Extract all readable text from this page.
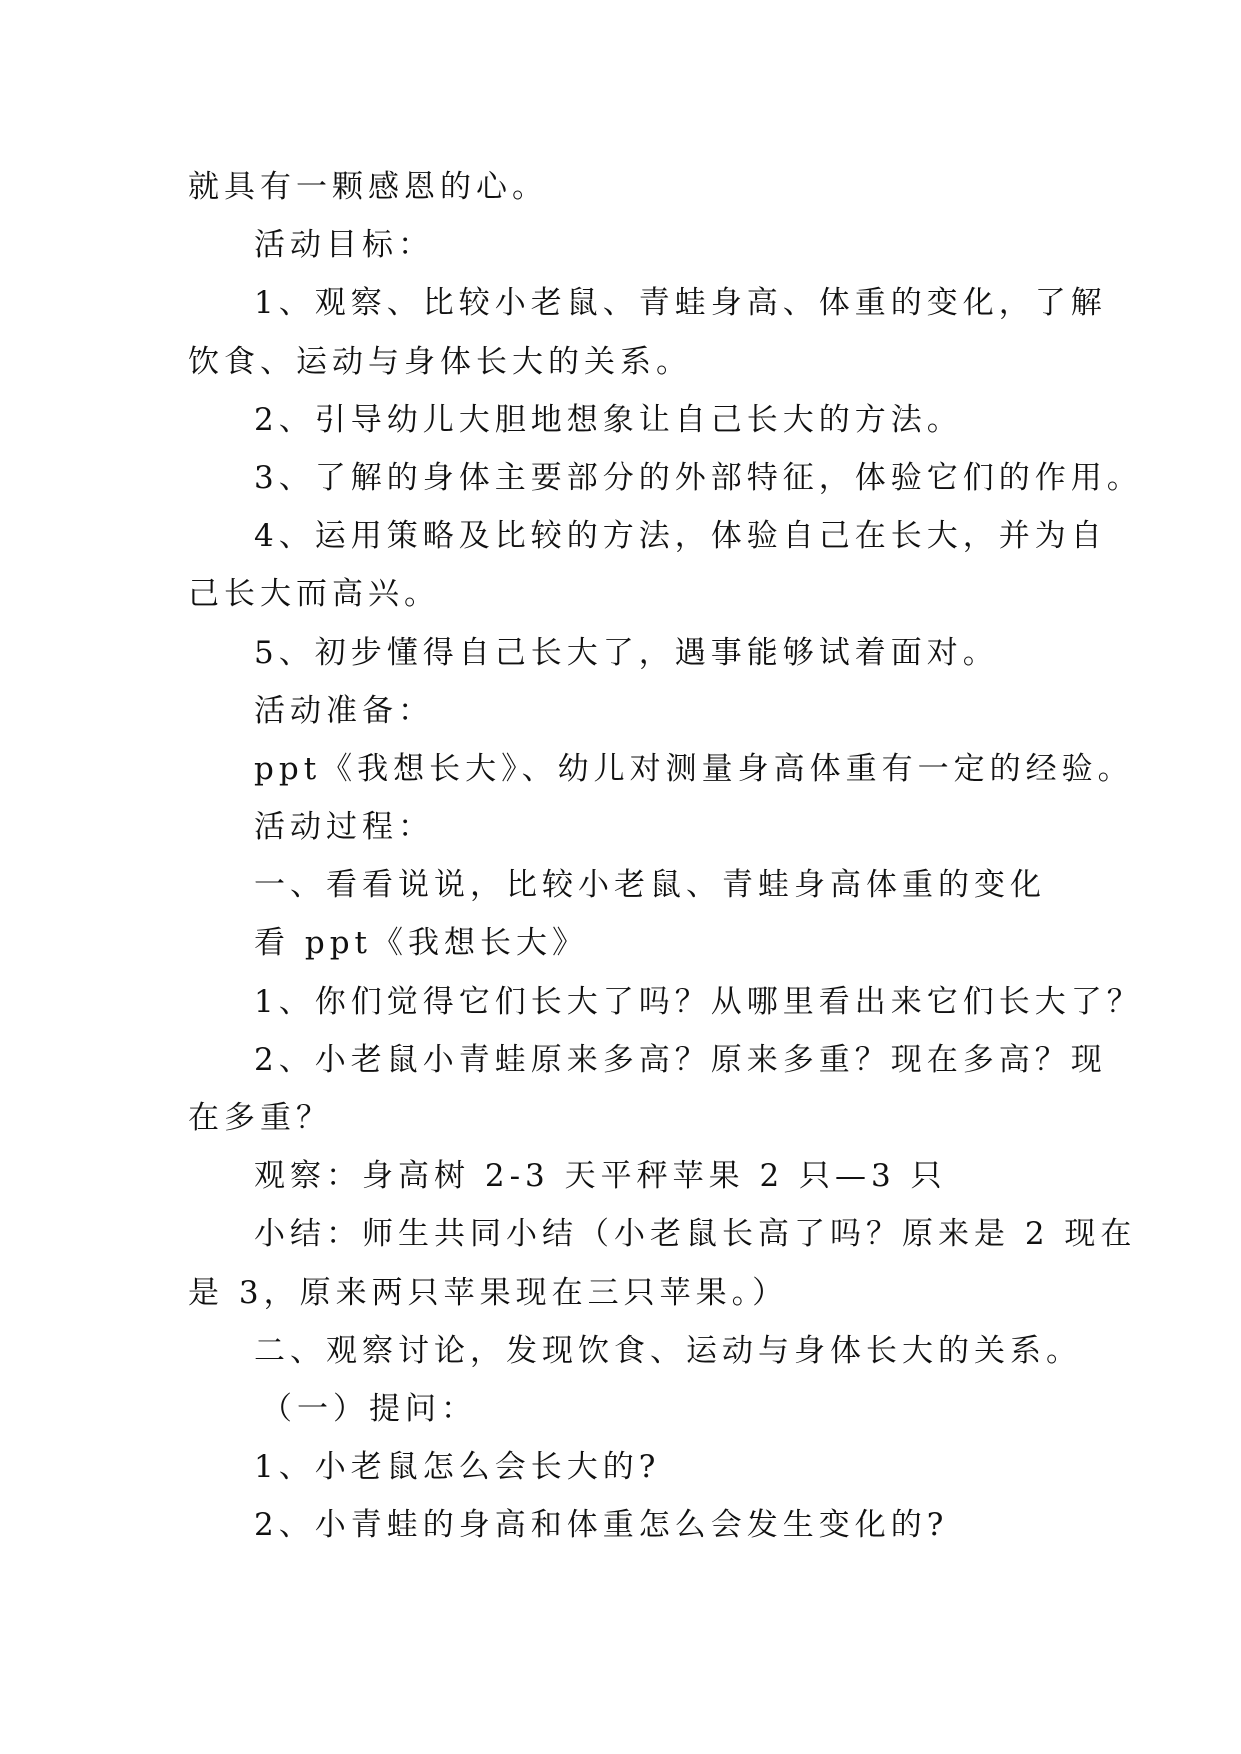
就具有一颗感恩的心。

活动目标：

1、观察、比较小老鼠、青蛙身高、体重的变化，了解

饮食、运动与身体长大的关系。

2、引导幼儿大胆地想象让自己长大的方法。

3、了解的身体主要部分的外部特征，体验它们的作用。

4、运用策略及比较的方法，体验自己在长大，并为自

己长大而高兴。

5、初步懂得自己长大了，遇事能够试着面对。

活动准备：

ppt《我想长大》、幼儿对测量身高体重有一定的经验。

活动过程：

一、看看说说，比较小老鼠、青蛙身高体重的变化

看 ppt《我想长大》

1、你们觉得它们长大了吗？从哪里看出来它们长大了？

2、小老鼠小青蛙原来多高？原来多重？现在多高？现

在多重？

观察：身高树 2-3 天平秤苹果 2 只—3 只

小结：师生共同小结（小老鼠长高了吗？原来是 2 现在

是 3，原来两只苹果现在三只苹果。）

二、观察讨论，发现饮食、运动与身体长大的关系。

（一）提问：

1、小老鼠怎么会长大的?

2、小青蛙的身高和体重怎么会发生变化的?
